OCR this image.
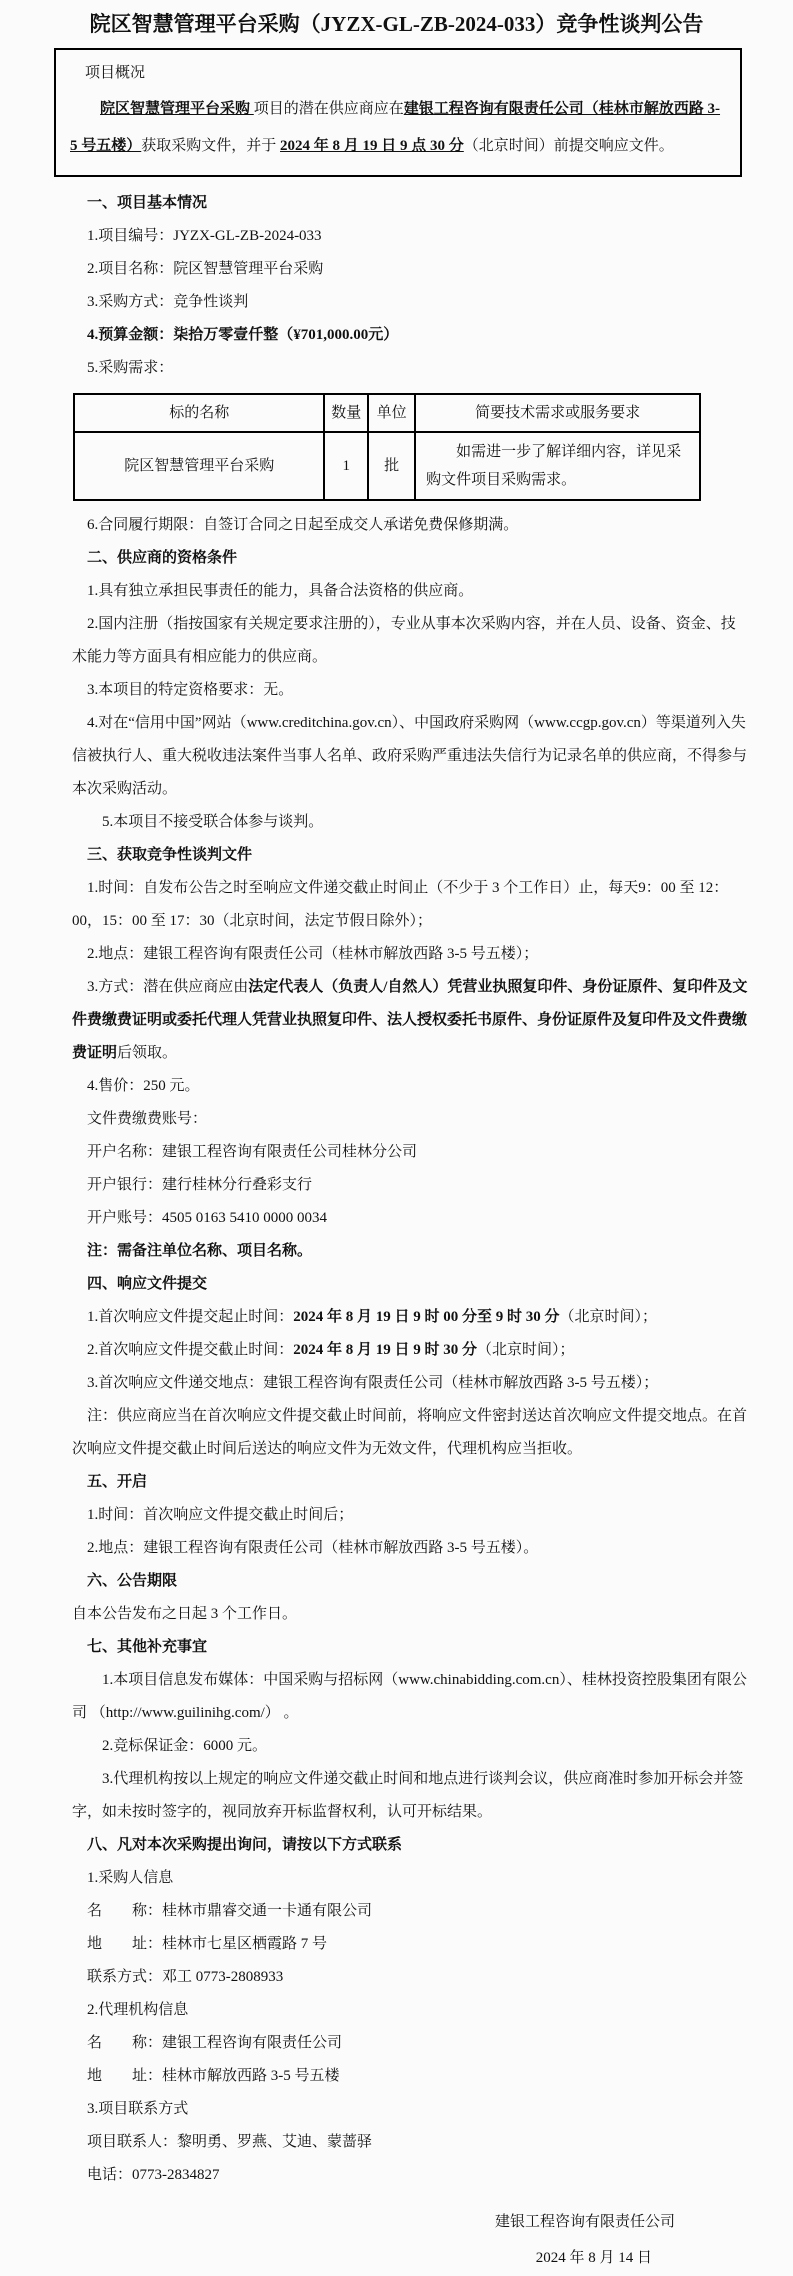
院区智慧管理平台采购（JYZX-GL-ZB-2024-033）竞争性谈判公告
项目概况

院区智慧管理平台采购 项目的潜在供应商应在建银工程咨询有限责任公司（桂林市解放西路 3-5 号五楼）获取采购文件，并于 2024 年 8 月 19 日 9 点 30 分（北京时间）前提交响应文件。

一、项目基本情况

1.项目编号：JYZX-GL-ZB-2024-033

2.项目名称：院区智慧管理平台采购

3.采购方式：竞争性谈判

4.预算金额：柒拾万零壹仟整（¥701,000.00元）

5.采购需求：

标的名称	数量	单位	简要技术需求或服务要求
院区智慧管理平台采购	1	批	如需进一步了解详细内容，详见采购文件项目采购需求。

6.合同履行期限：自签订合同之日起至成交人承诺免费保修期满。

二、供应商的资格条件

1.具有独立承担民事责任的能力，具备合法资格的供应商。

2.国内注册（指按国家有关规定要求注册的），专业从事本次采购内容，并在人员、设备、资金、技术能力等方面具有相应能力的供应商。

3.本项目的特定资格要求：无。

4.对在“信用中国”网站（www.creditchina.gov.cn）、中国政府采购网（www.ccgp.gov.cn）等渠道列入失 信被执行人、重大税收违法案件当事人名单、政府采购严重违法失信行为记录名单的供应商，不得参与本次采购活动。

5.本项目不接受联合体参与谈判。

三、获取竞争性谈判文件

1.时间：自发布公告之时至响应文件递交截止时间止（不少于 3 个工作日）止，每天9：00 至 12：00，15：00 至 17：30（北京时间，法定节假日除外）；

2.地点：建银工程咨询有限责任公司（桂林市解放西路 3-5 号五楼）；

3.方式：潜在供应商应由法定代表人（负责人/自然人）凭营业执照复印件、身份证原件、复印件及文件费缴费证明或委托代理人凭营业执照复印件、法人授权委托书原件、身份证原件及复印件及文件费缴费证明后领取。

4.售价：250 元。

文件费缴费账号：

开户名称：建银工程咨询有限责任公司桂林分公司

开户银行：建行桂林分行叠彩支行

开户账号：4505 0163 5410 0000 0034

注：需备注单位名称、项目名称。

四、响应文件提交

1.首次响应文件提交起止时间：2024 年 8 月 19 日 9 时 00 分至 9 时 30 分（北京时间）；

2.首次响应文件提交截止时间：2024 年 8 月 19 日 9 时 30 分（北京时间）；

3.首次响应文件递交地点：建银工程咨询有限责任公司（桂林市解放西路 3-5 号五楼）；

注：供应商应当在首次响应文件提交截止时间前，将响应文件密封送达首次响应文件提交地点。在首次响应文件提交截止时间后送达的响应文件为无效文件，代理机构应当拒收。

五、开启

1.时间：首次响应文件提交截止时间后；

2.地点：建银工程咨询有限责任公司（桂林市解放西路 3-5 号五楼）。

六、公告期限

自本公告发布之日起 3 个工作日。

七、其他补充事宜

1.本项目信息发布媒体：中国采购与招标网（www.chinabidding.com.cn）、桂林投资控股集团有限公司 （http://www.guilinihg.com/） 。

2.竞标保证金：6000 元。

3.代理机构按以上规定的响应文件递交截止时间和地点进行谈判会议，供应商准时参加开标会并签字，如未按时签字的，视同放弃开标监督权利，认可开标结果。

八、凡对本次采购提出询问，请按以下方式联系

1.采购人信息

名　　称：桂林市鼎睿交通一卡通有限公司

地　　址：桂林市七星区栖霞路 7 号

联系方式：邓工 0773-2808933

2.代理机构信息

名　　称：建银工程咨询有限责任公司

地　　址：桂林市解放西路 3-5 号五楼

3.项目联系方式

项目联系人：黎明勇、罗燕、艾迪、蒙蔷驿

电话：0773-2834827

建银工程咨询有限责任公司
2024 年 8 月 14 日
